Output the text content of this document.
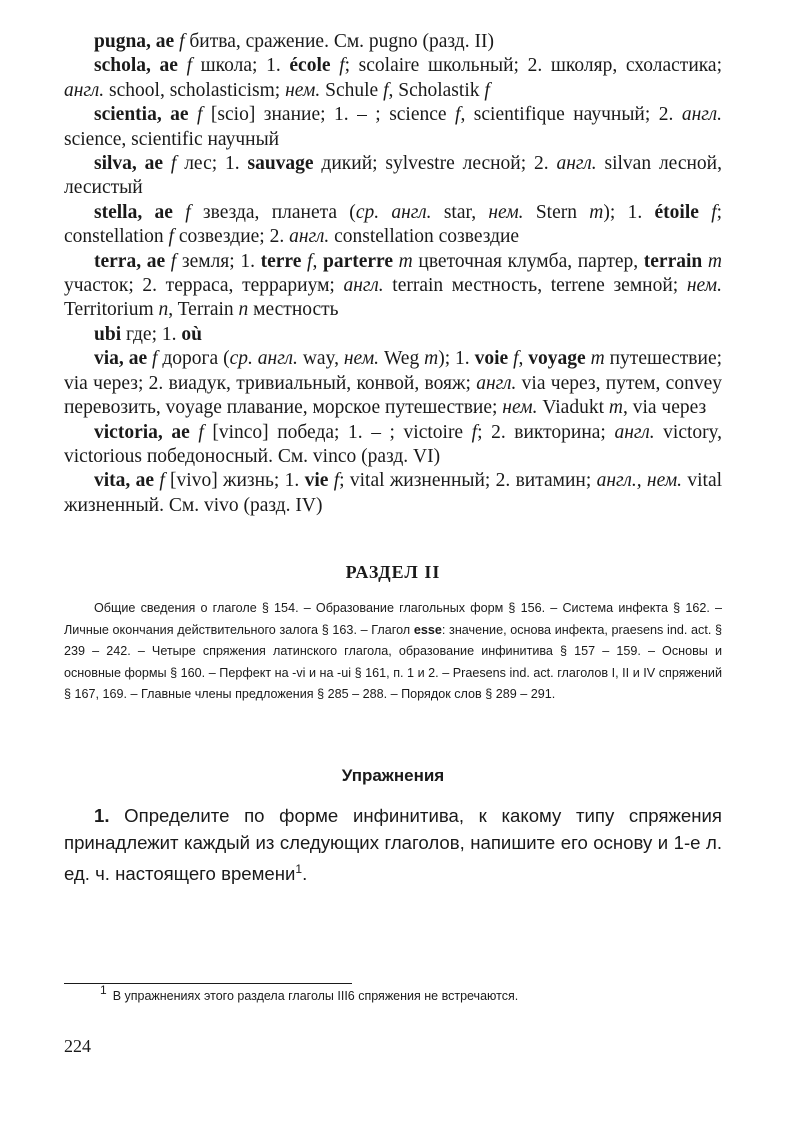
pugna, ae f битва, сражение. См. pugno (разд. II)

schola, ae f школа; 1. école f; scolaire школьный; 2. школяр, схоластика; англ. school, scholasticism; нем. Schule f, Scholastik f

scientia, ae f [scio] знание; 1. – ; science f, scientifique научный; 2. англ. science, scientific научный

silva, ae f лес; 1. sauvage дикий; sylvestre лесной; 2. англ. silvan лесной, лесистый

stella, ae f звезда, планета (ср. англ. star, нем. Stern m); 1. étoile f; constellation f созвездие; 2. англ. constellation созвездие

terra, ae f земля; 1. terre f, parterre m цветочная клумба, партер, terrain m участок; 2. терраса, террариум; англ. terrain местность, terrene земной; нем. Territorium n, Terrain n местность

ubi где; 1. où

via, ae f дорога (ср. англ. way, нем. Weg m); 1. voie f, voyage m путешествие; via через; 2. виадук, тривиальный, конвой, вояж; англ. via через, путем, convey перевозить, voyage плавание, морское путешествие; нем. Viadukt m, via через

victoria, ae f [vinco] победа; 1. – ; victoire f; 2. викторина; англ. victory, victorious победоносный. См. vinco (разд. VI)

vita, ae f [vivo] жизнь; 1. vie f; vital жизненный; 2. витамин; англ., нем. vital жизненный. См. vivo (разд. IV)

РАЗДЕЛ II

Общие сведения о глаголе § 154. – Образование глагольных форм § 156. – Система инфекта § 162. – Личные окончания действительного залога § 163. – Глагол esse: значение, основа инфекта, praesens ind. act. § 239 – 242. – Четыре спряжения латинского глагола, образование инфинитива § 157 – 159. – Основы и основные формы § 160. – Перфект на -vi и на -ui § 161, п. 1 и 2. – Praesens ind. act. глаголов I, II и IV спряжений § 167, 169. – Главные члены предложения § 285 – 288. – Порядок слов § 289 – 291.

Упражнения

1. Определите по форме инфинитива, к какому типу спряжения принадлежит каждый из следующих глаголов, напишите его основу и 1-е л. ед. ч. настоящего времени$^1$.

$^1$ В упражнениях этого раздела глаголы III6 спряжения не встречаются.
224
